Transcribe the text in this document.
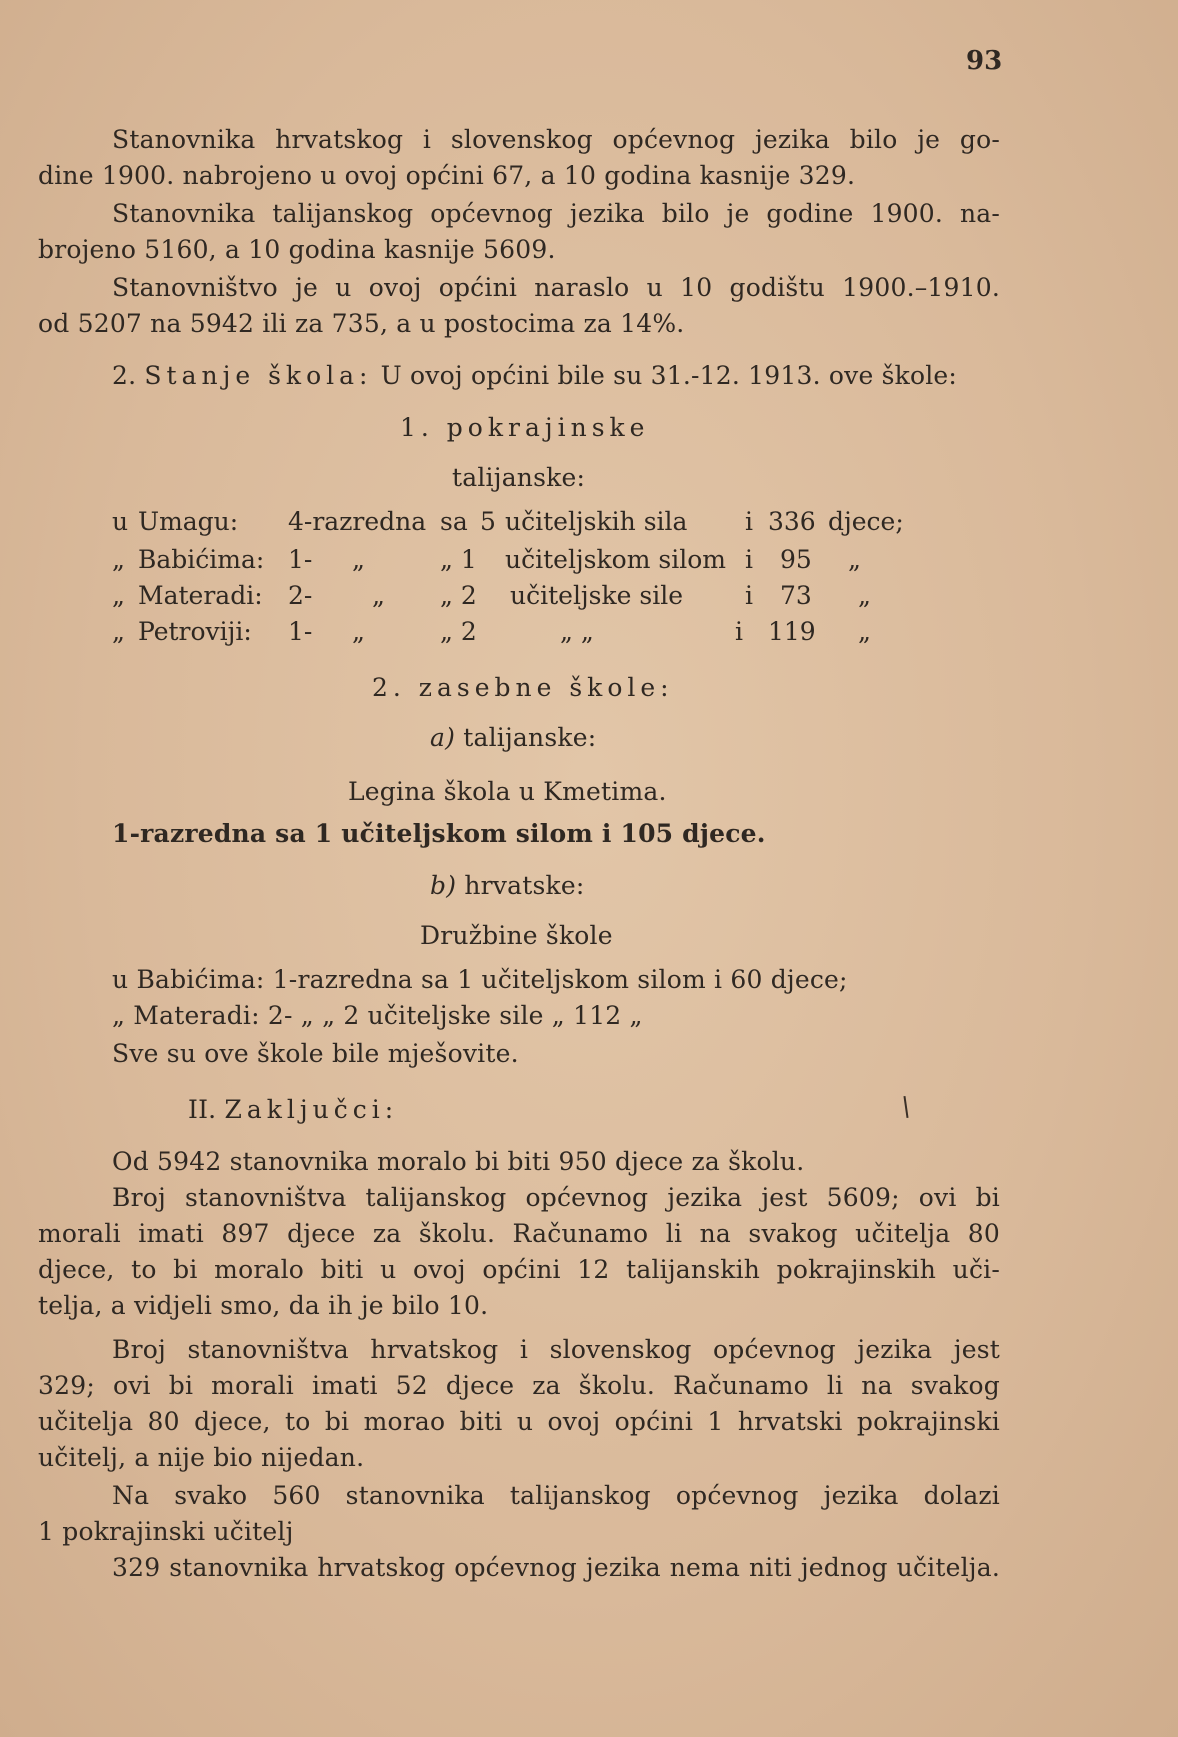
93
Stanovnika hrvatskog i slovenskog općevnog jezika bilo je go-
dine 1900. nabrojeno u ovoj općini 67, a 10 godina kasnije 329.
Stanovnika talijanskog općevnog jezika bilo je godine 1900. na-
brojeno 5160, a 10 godina kasnije 5609.
Stanovništvo je u ovoj općini naraslo u 10 godištu 1900.–1910.
od 5207 na 5942 ili za 735, a u postocima za 14%.
2. Stanje škola: U ovoj općini bile su 31.-12. 1913. ove škole:
1. pokrajinske
talijanske:
u Umagu: 4-razredna sa 5 učiteljskih sila i 336 djece;
„ Babićima: 1- „	„ 1 učiteljskom silom i 95 „
„ Materadi: 2- „ „ 2 učiteljske sile i 73 „
„ Petroviji: 1- „	„ 2	„ „	i 119 „
2. zasebne škole:
a) talijanske:
Legina škola u Kmetima.
1-razredna sa 1 učiteljskom silom i 105 djece.
b) hrvatske:
Družbine škole
u Babićima: 1-razredna sa 1 učiteljskom silom i 60 djece;
„ Materadi: 2- „ „ 2 učiteljske sile „ 112 „
Sve su ove škole bile mješovite.
II. Zaključci:
Od 5942 stanovnika moralo bi biti 950 djece za školu.
Broj stanovništva talijanskog općevnog jezika jest 5609; ovi bi
morali imati 897 djece za školu. Računamo li na svakog učitelja 80
djece, to bi moralo biti u ovoj općini 12 talijanskih pokrajinskih uči-
telja, a vidjeli smo, da ih je bilo 10.
Broj stanovništva hrvatskog i slovenskog općevnog jezika jest
329; ovi bi morali imati 52 djece za školu. Računamo li na svakog
učitelja 80 djece, to bi morao biti u ovoj općini 1 hrvatski pokrajinski
učitelj, a nije bio nijedan.
Na svako 560 stanovnika talijanskog općevnog jezika dolazi
1 pokrajinski učitelj
329 stanovnika hrvatskog općevnog jezika nema niti jednog učitelja.
